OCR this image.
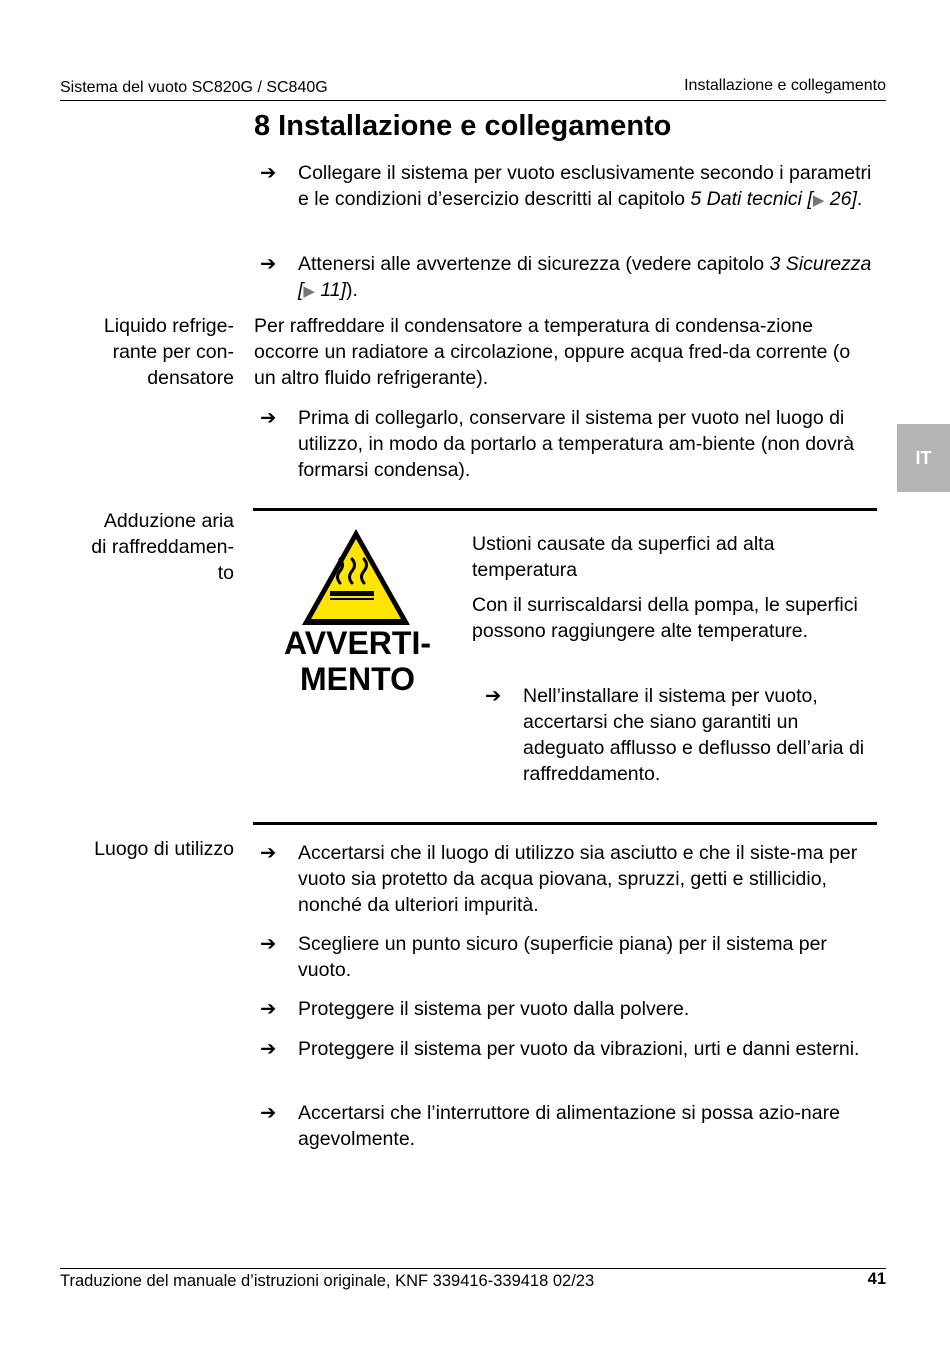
Sistema del vuoto SC820G / SC840G	Installazione e collegamento
IT
8 Installazione e collegamento
➔	Collegare il sistema per vuoto esclusivamente secondo i parametri e le condizioni d’esercizio descritti al capitolo 5 Dati tecnici [▶ 26].
➔	Attenersi alle avvertenze di sicurezza (vedere capitolo 3 Sicurezza [▶ 11]).
Liquido refrige-
rante per con-
densatore
Per raffreddare il condensatore a temperatura di condensa-zione occorre un radiatore a circolazione, oppure acqua fred-da corrente (o un altro fluido refrigerante).
➔	Prima di collegarlo, conservare il sistema per vuoto nel luogo di utilizzo, in modo da portarlo a temperatura am-biente (non dovrà formarsi condensa).
Adduzione aria
di raffreddamen-
to
AVVERTI-
MENTO
Ustioni causate da superfici ad alta temperatura
Con il surriscaldarsi della pompa, le superfici possono raggiungere alte temperature.
➔	Nell’installare il sistema per vuoto, accertarsi che siano garantiti un adeguato afflusso e deflusso dell’aria di raffreddamento.
Luogo di utilizzo ➔	Accertarsi che il luogo di utilizzo sia asciutto e che il siste-ma per vuoto sia protetto da acqua piovana, spruzzi, getti e stillicidio, nonché da ulteriori impurità.
➔	Scegliere un punto sicuro (superficie piana) per il sistema per vuoto.
➔	Proteggere il sistema per vuoto dalla polvere.
➔	Proteggere il sistema per vuoto da vibrazioni, urti e danni esterni.
➔	Accertarsi che l’interruttore di alimentazione si possa azio-nare agevolmente.
Traduzione del manuale d’istruzioni originale, KNF 339416-339418 02/23	41
